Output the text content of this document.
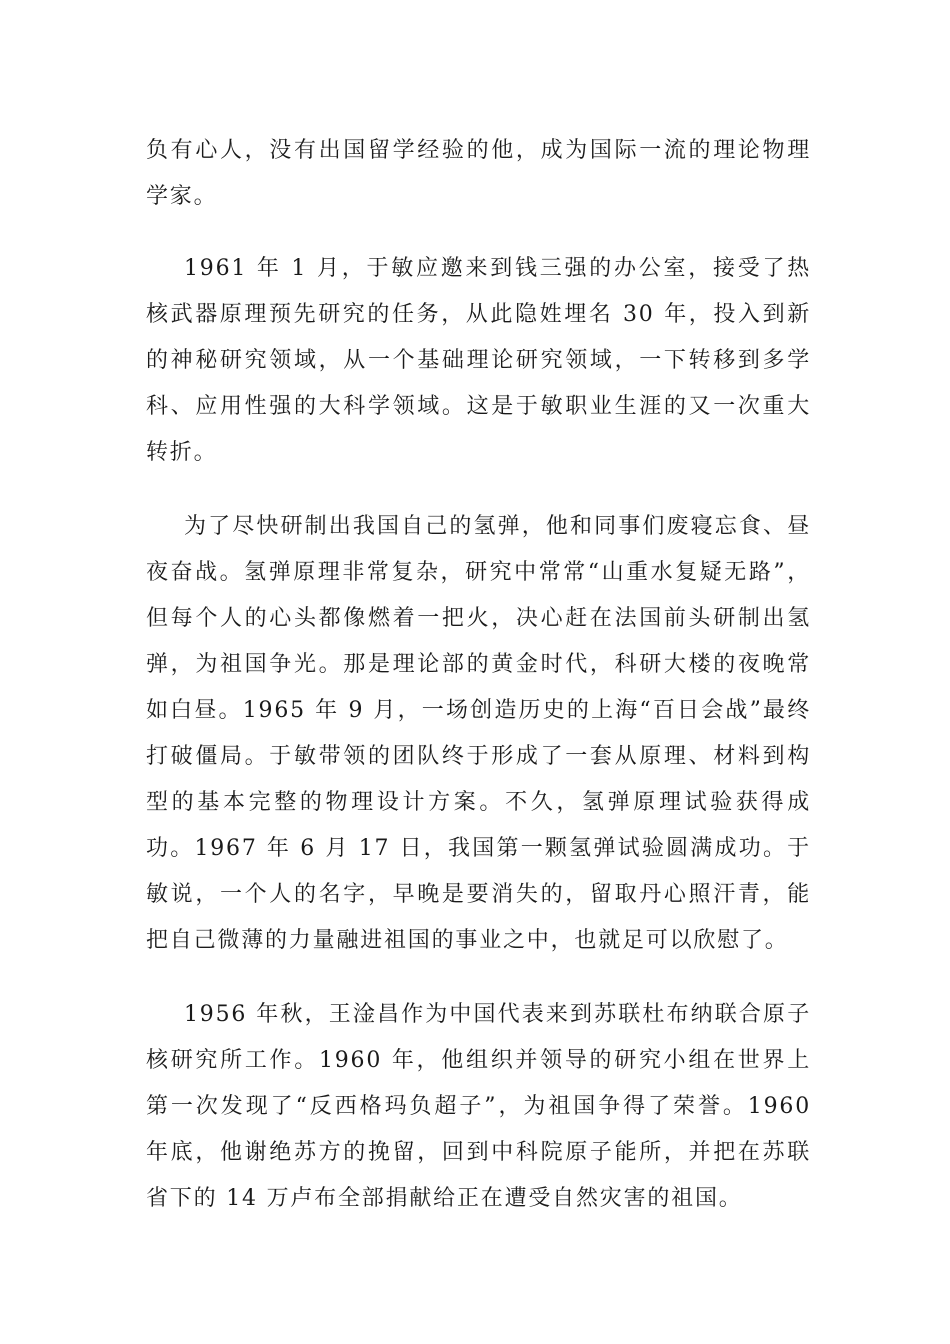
负有心人，没有出国留学经验的他，成为国际一流的理论物理学家。

1961 年 1 月，于敏应邀来到钱三强的办公室，接受了热核武器原理预先研究的任务，从此隐姓埋名 30 年，投入到新的神秘研究领域，从一个基础理论研究领域，一下转移到多学科、应用性强的大科学领域。这是于敏职业生涯的又一次重大转折。

为了尽快研制出我国自己的氢弹，他和同事们废寝忘食、昼夜奋战。氢弹原理非常复杂，研究中常常“山重水复疑无路”，但每个人的心头都像燃着一把火，决心赶在法国前头研制出氢弹，为祖国争光。那是理论部的黄金时代，科研大楼的夜晚常如白昼。1965 年 9 月，一场创造历史的上海“百日会战”最终打破僵局。于敏带领的团队终于形成了一套从原理、材料到构型的基本完整的物理设计方案。不久，氢弹原理试验获得成功。1967 年 6 月 17 日，我国第一颗氢弹试验圆满成功。于敏说，一个人的名字，早晚是要消失的，留取丹心照汗青，能把自己微薄的力量融进祖国的事业之中，也就足可以欣慰了。

1956 年秋，王淦昌作为中国代表来到苏联杜布纳联合原子核研究所工作。1960 年，他组织并领导的研究小组在世界上第一次发现了“反西格玛负超子”，为祖国争得了荣誉。1960 年底，他谢绝苏方的挽留，回到中科院原子能所，并把在苏联省下的 14 万卢布全部捐献给正在遭受自然灾害的祖国。
